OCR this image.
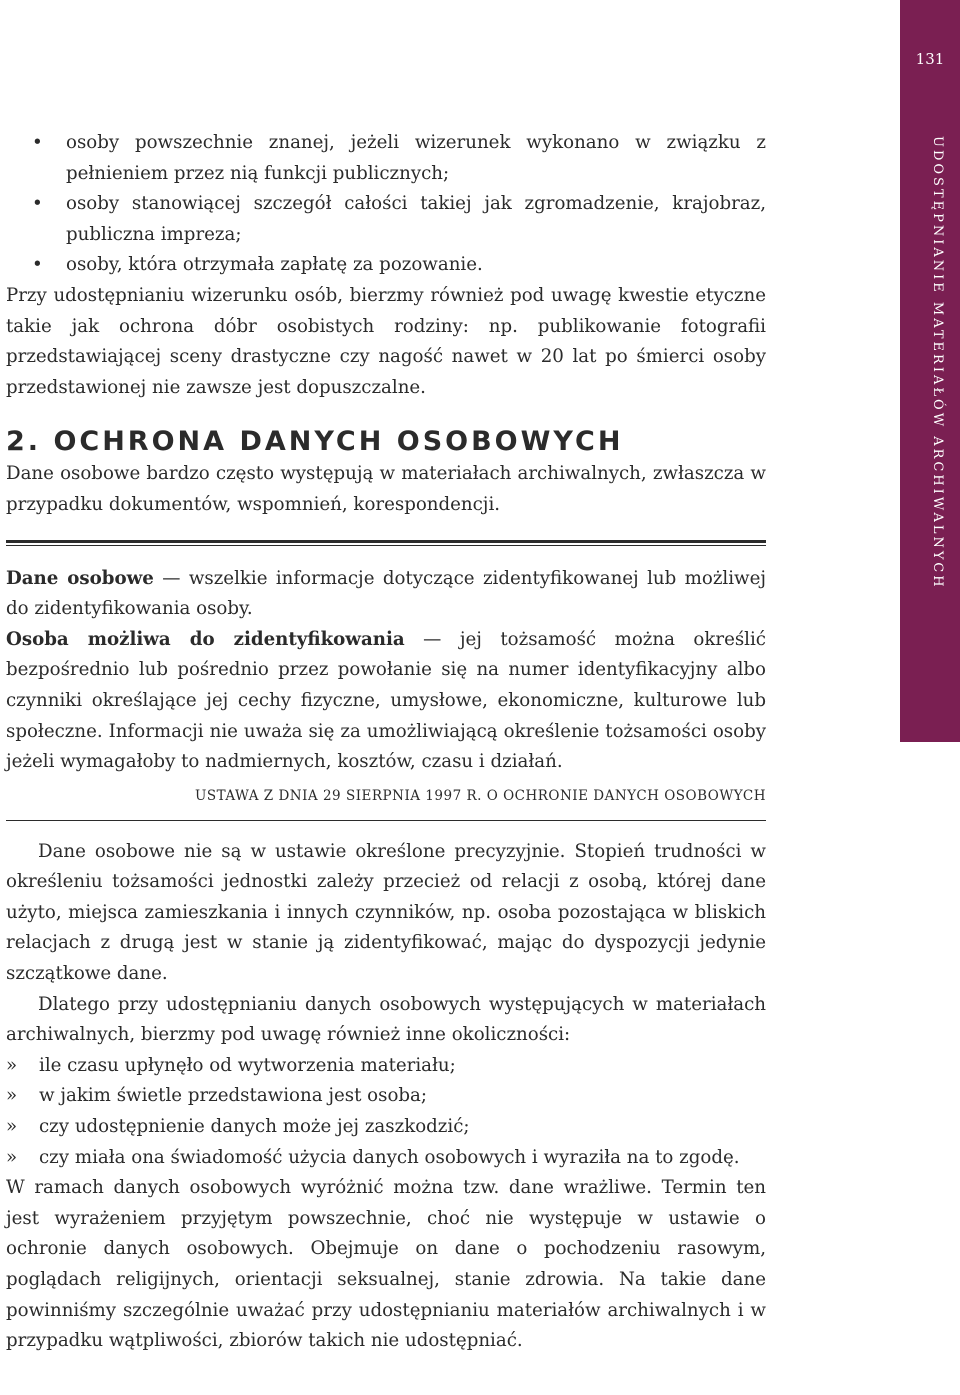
131
UDOSTĘPNIANIE MATERIAŁÓW ARCHIWALNYCH
• osoby powszechnie znanej, jeżeli wizerunek wykonano w związku z pełnieniem przez nią funkcji publicznych;
• osoby stanowiącej szczegół całości takiej jak zgromadzenie, krajobraz, publiczna impreza;
• osoby, która otrzymała zapłatę za pozowanie.

Przy udostępnianiu wizerunku osób, bierzmy również pod uwagę kwestie etyczne takie jak ochrona dóbr osobistych rodziny: np. publikowanie fotografii przedstawiającej sceny drastyczne czy nagość nawet w 20 lat po śmierci osoby przedstawionej nie zawsze jest dopuszczalne.

2. OCHRONA DANYCH OSOBOWYCH

Dane osobowe bardzo często występują w materiałach archiwalnych, zwłaszcza w przypadku dokumentów, wspomnień, korespondencji.

Dane osobowe — wszelkie informacje dotyczące zidentyfikowanej lub możliwej do zidentyfikowania osoby.

Osoba możliwa do zidentyfikowania — jej tożsamość można określić bezpośrednio lub pośrednio przez powołanie się na numer identyfikacyjny albo czynniki określające jej cechy fizyczne, umysłowe, ekonomiczne, kulturowe lub społeczne. Informacji nie uważa się za umożliwiającą określenie tożsamości osoby jeżeli wymagałoby to nadmiernych, kosztów, czasu i działań.

USTAWA Z DNIA 29 SIERPNIA 1997 R. O OCHRONIE DANYCH OSOBOWYCH

Dane osobowe nie są w ustawie określone precyzyjnie. Stopień trudności w określeniu tożsamości jednostki zależy przecież od relacji z osobą, której dane użyto, miejsca zamieszkania i innych czynników, np. osoba pozostająca w bliskich relacjach z drugą jest w stanie ją zidentyfikować, mając do dyspozycji jedynie szczątkowe dane.

Dlatego przy udostępnianiu danych osobowych występujących w materiałach archiwalnych, bierzmy pod uwagę również inne okoliczności:

» ile czasu upłynęło od wytworzenia materiału;
» w jakim świetle przedstawiona jest osoba;
» czy udostępnienie danych może jej zaszkodzić;
» czy miała ona świadomość użycia danych osobowych i wyraziła na to zgodę.

W ramach danych osobowych wyróżnić można tzw. dane wrażliwe. Termin ten jest wyrażeniem przyjętym powszechnie, choć nie występuje w ustawie o ochronie danych osobowych. Obejmuje on dane o pochodzeniu rasowym, poglądach religijnych, orientacji seksualnej, stanie zdrowia. Na takie dane powinniśmy szczególnie uważać przy udostępnianiu materiałów archiwalnych i w przypadku wątpliwości, zbiorów takich nie udostępniać.
